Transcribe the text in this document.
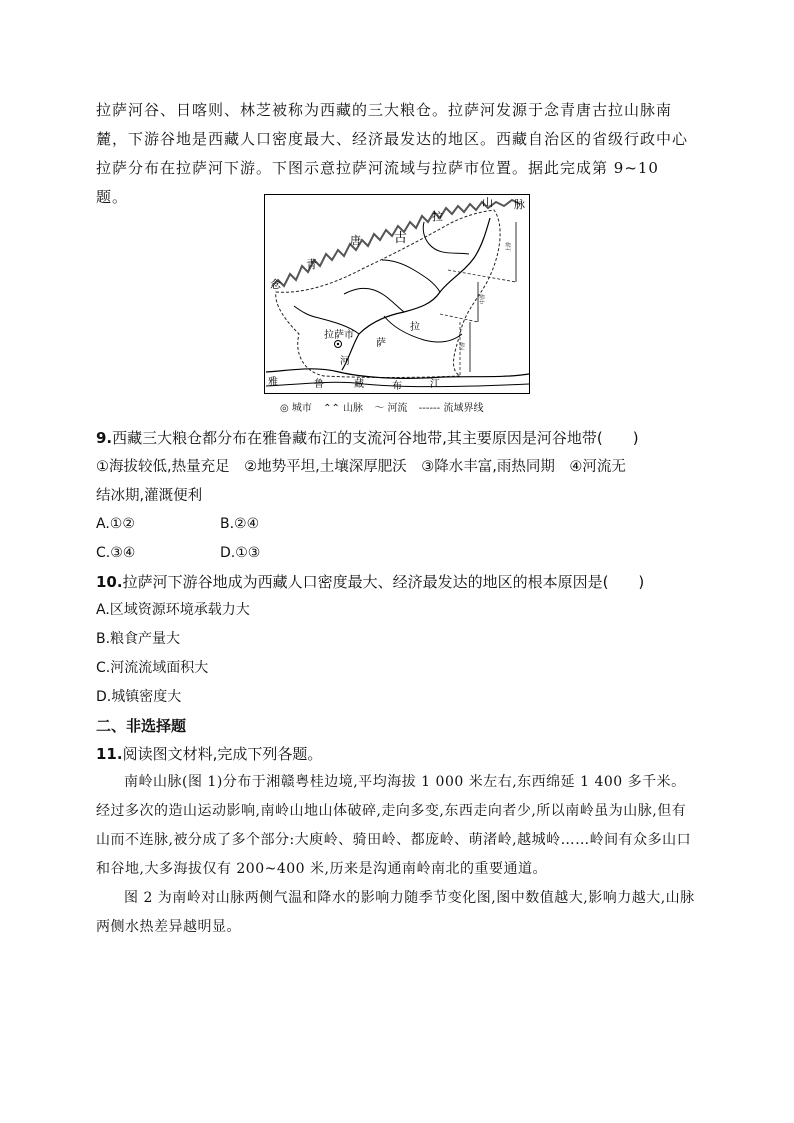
拉萨河谷、日喀则、林芝被称为西藏的三大粮仓。拉萨河发源于念青唐古拉山脉南麓，下游谷地是西藏人口密度最大、经济最发达的地区。西藏自治区的省级行政中心拉萨分布在拉萨河下游。下图示意拉萨河流域与拉萨市位置。据此完成第 9~10 题。

念
青
唐	古
拉
山 脉
拉萨市
拉
萨
河
雅	鲁	藏	布	江
上游
中游
下游
◎ 城市 ⌃⌃ 山脉 〜 河流 ------ 流域界线
9.西藏三大粮仓都分布在雅鲁藏布江的支流河谷地带,其主要原因是河谷地带(　　)
①海拔较低,热量充足　②地势平坦,土壤深厚肥沃　③降水丰富,雨热同期　④河流无
结冰期,灌溉便利
A.①②	B.②④
C.③④	D.①③
10.拉萨河下游谷地成为西藏人口密度最大、经济最发达的地区的根本原因是(　　)
A.区域资源环境承载力大
B.粮食产量大
C.河流流域面积大
D.城镇密度大
二、非选择题
11.阅读图文材料,完成下列各题。

南岭山脉(图 1)分布于湘赣粤桂边境,平均海拔 1 000 米左右,东西绵延 1 400 多千米。经过多次的造山运动影响,南岭山地山体破碎,走向多变,东西走向者少,所以南岭虽为山脉,但有山而不连脉,被分成了多个部分:大庾岭、骑田岭、都庞岭、萌渚岭,越城岭……岭间有众多山口和谷地,大多海拔仅有 200~400 米,历来是沟通南岭南北的重要通道。

图 2 为南岭对山脉两侧气温和降水的影响力随季节变化图,图中数值越大,影响力越大,山脉两侧水热差异越明显。
